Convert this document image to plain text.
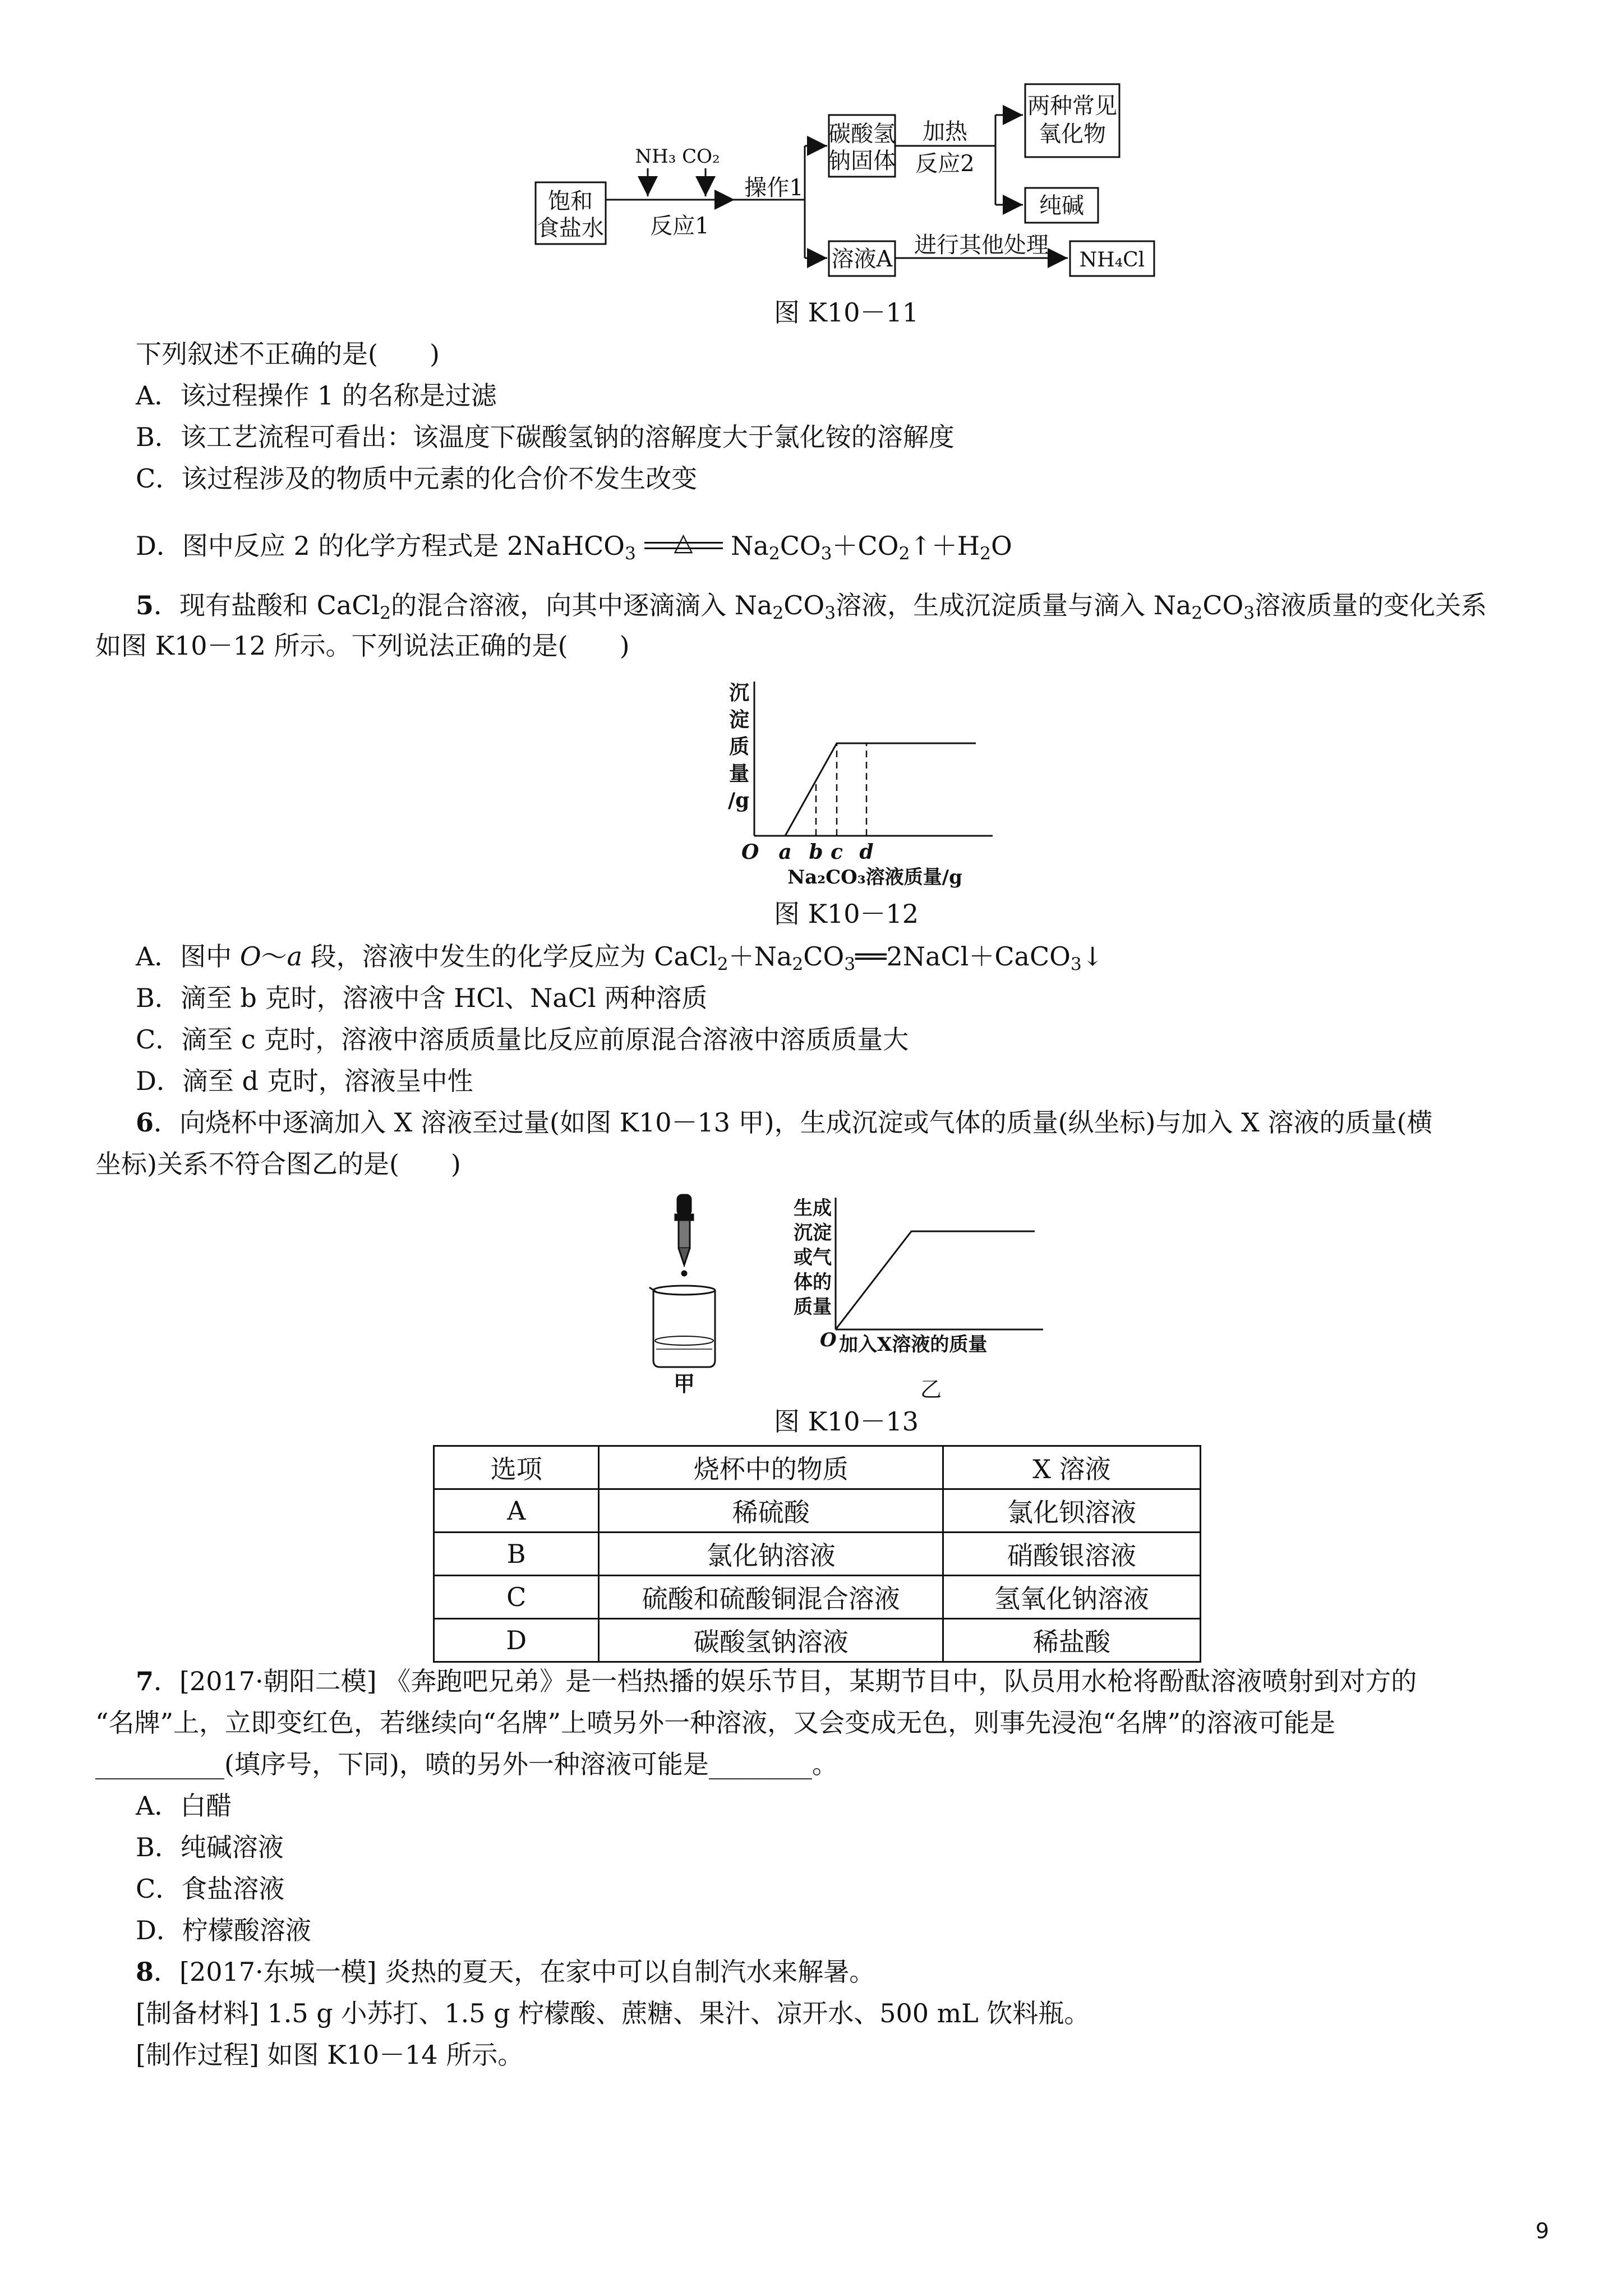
饱和
食盐水
NH₃ CO₂
反应1
操作1
碳酸氢
钠固体
加热
反应2
两种常见
氧化物
纯碱
溶液A
进行其他处理
NH₄Cl
图 K10－11
下列叙述不正确的是(　　)
A．该过程操作 1 的名称是过滤
B．该工艺流程可看出：该温度下碳酸氢钠的溶解度大于氯化铵的溶解度
C．该过程涉及的物质中元素的化合价不发生改变
D．图中反应 2 的化学方程式是 2NaHCO$_3$	△	$Na_2CO_3+CO_2↑+H_2O$
5．现有盐酸和 CaCl$_2$的混合溶液，向其中逐滴滴入 $Na_2CO_3$溶液，生成沉淀质量与滴入 $Na_2CO_3$溶液质量的变化关系
如图 K10－12 所示。下列说法正确的是(　　)
沉
淀
质
量
/g
O a b c d
Na₂CO₃溶液质量/g
图 K10－12
A．图中 O～a 段，溶液中发生的化学反应为 $CaCl_2+Na_2CO_3══2NaCl+CaCO_3↓$
B．滴至 b 克时，溶液中含 HCl、NaCl 两种溶质
C．滴至 c 克时，溶液中溶质质量比反应前原混合溶液中溶质质量大
D．滴至 d 克时，溶液呈中性
6．向烧杯中逐滴加入 X 溶液至过量(如图 K10－13 甲)，生成沉淀或气体的质量(纵坐标)与加入 X 溶液的质量(横
坐标)关系不符合图乙的是(　　)
甲
生成
沉淀
或气
体的
质量
O 加入X溶液的质量
乙
图 K10－13
选项	烧杯中的物质	X 溶液
A	稀硫酸	氯化钡溶液
B	氯化钠溶液	硝酸银溶液
C	硫酸和硫酸铜混合溶液	氢氧化钠溶液
D	碳酸氢钠溶液	稀盐酸
7．[2017·朝阳二模] 《奔跑吧兄弟》是一档热播的娱乐节目，某期节目中，队员用水枪将酚酞溶液喷射到对方的
“名牌”上，立即变红色，若继续向“名牌”上喷另外一种溶液，又会变成无色，则事先浸泡“名牌”的溶液可能是
__________(填序号，下同)，喷的另外一种溶液可能是________。
A．白醋
B．纯碱溶液
C．食盐溶液
D．柠檬酸溶液
8．[2017·东城一模] 炎热的夏天，在家中可以自制汽水来解暑。
[制备材料] 1.5 g 小苏打、1.5 g 柠檬酸、蔗糖、果汁、凉开水、500 mL 饮料瓶。
[制作过程] 如图 K10－14 所示。
9
